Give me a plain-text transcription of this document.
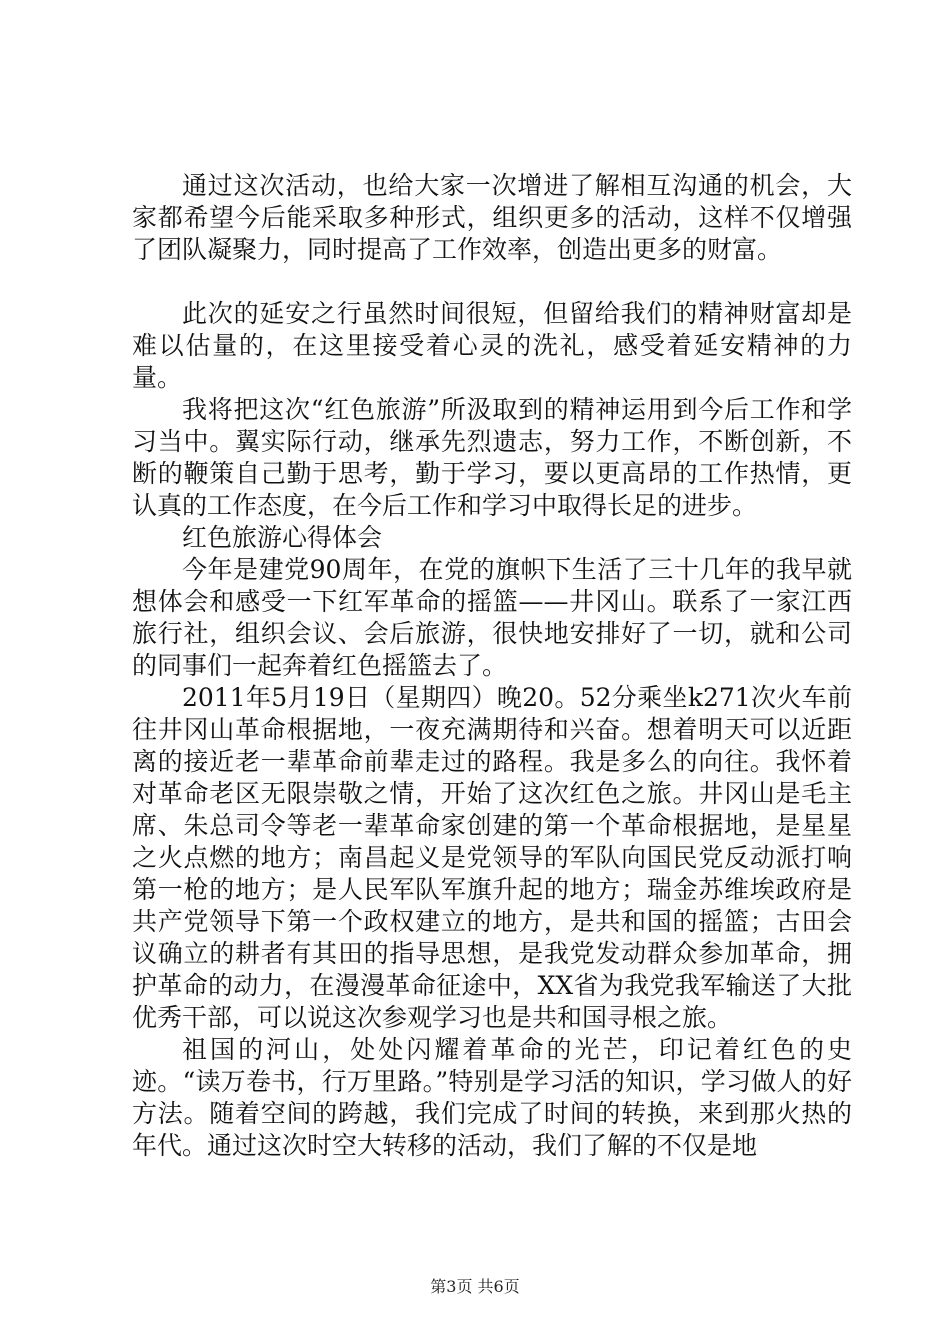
通过这次活动，也给大家一次增进了解相互沟通的机会，大家都希望今后能采取多种形式，组织更多的活动，这样不仅增强了团队凝聚力，同时提高了工作效率，创造出更多的财富。

此次的延安之行虽然时间很短，但留给我们的精神财富却是难以估量的，在这里接受着心灵的洗礼，感受着延安精神的力量。

我将把这次“红色旅游”所汲取到的精神运用到今后工作和学习当中。翼实际行动，继承先烈遗志，努力工作，不断创新，不断的鞭策自己勤于思考，勤于学习，要以更高昂的工作热情，更认真的工作态度，在今后工作和学习中取得长足的进步。

红色旅游心得体会

今年是建党90周年，在党的旗帜下生活了三十几年的我早就想体会和感受一下红军革命的摇篮——井冈山。联系了一家江西旅行社，组织会议、会后旅游，很快地安排好了一切，就和公司的同事们一起奔着红色摇篮去了。

2011年5月19日（星期四）晚20。52分乘坐k271次火车前往井冈山革命根据地，一夜充满期待和兴奋。想着明天可以近距离的接近老一辈革命前辈走过的路程。我是多么的向往。我怀着对革命老区无限崇敬之情，开始了这次红色之旅。井冈山是毛主席、朱总司令等老一辈革命家创建的第一个革命根据地，是星星之火点燃的地方；南昌起义是党领导的军队向国民党反动派打响第一枪的地方；是人民军队军旗升起的地方；瑞金苏维埃政府是共产党领导下第一个政权建立的地方，是共和国的摇篮；古田会议确立的耕者有其田的指导思想，是我党发动群众参加革命，拥护革命的动力，在漫漫革命征途中，XX省为我党我军输送了大批优秀干部，可以说这次参观学习也是共和国寻根之旅。

祖国的河山，处处闪耀着革命的光芒，印记着红色的史迹。“读万卷书，行万里路。”特别是学习活的知识，学习做人的好方法。随着空间的跨越，我们完成了时间的转换，来到那火热的年代。通过这次时空大转移的活动，我们了解的不仅是地

第3页 共6页
